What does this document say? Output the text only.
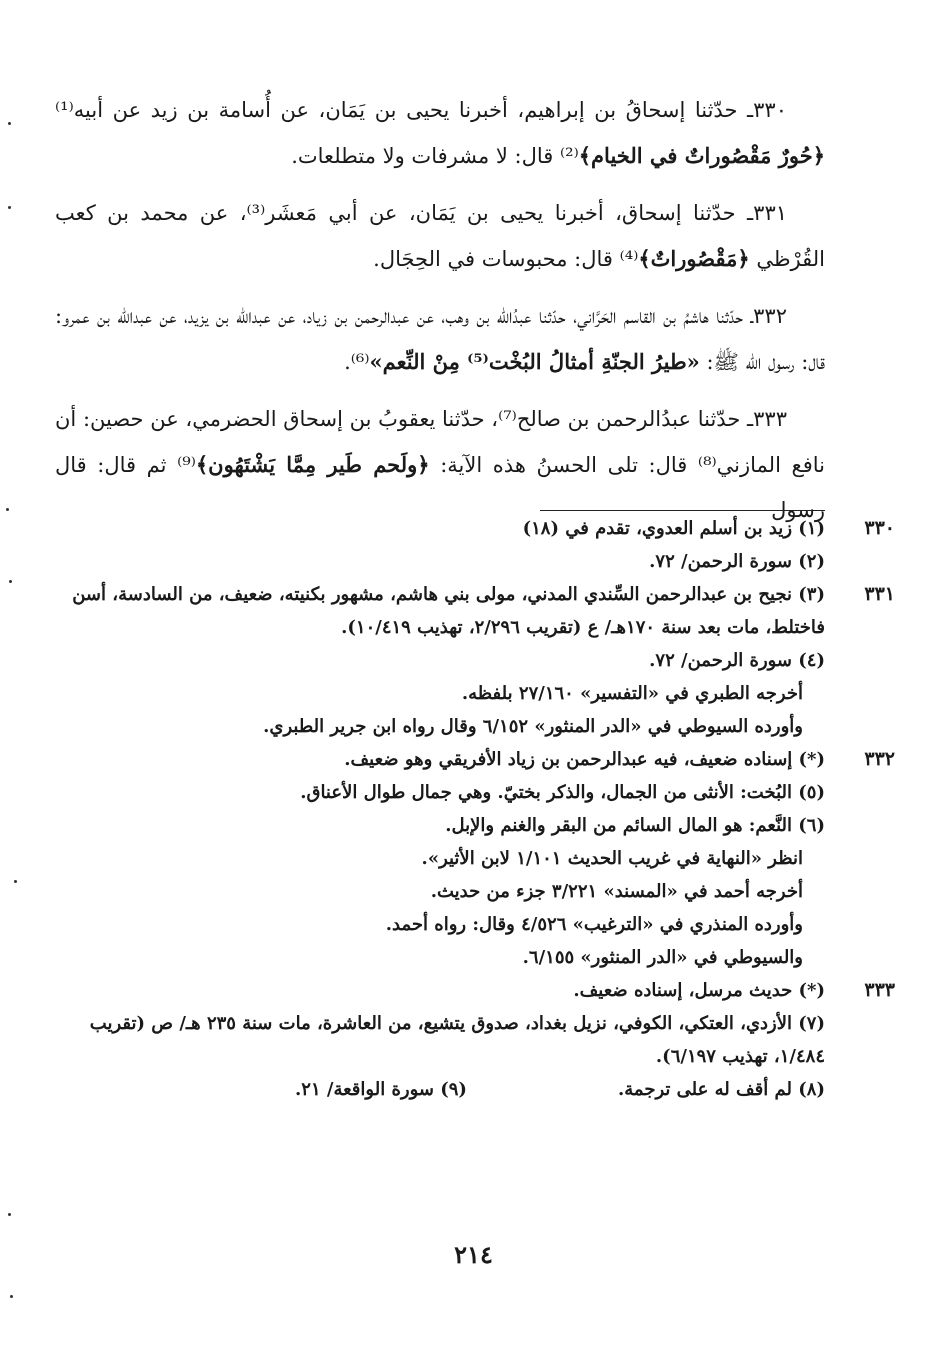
٣٣٠ـ حدّثنا إسحاقُ بن إبراهيم، أخبرنا يحيى بن يَمَان، عن أُسامة بن زيد عن أبيه⁽¹⁾ ﴿حُورٌ مَقْصُوراتٌ في الخيام﴾⁽²⁾ قال: لا مشرفات ولا متطلعات.

٣٣١ـ حدّثنا إسحاق، أخبرنا يحيى بن يَمَان، عن أبي مَعشَر⁽³⁾، عن محمد بن كعب القُرْظي ﴿مَقْصُوراتٌ﴾⁽⁴⁾ قال: محبوسات في الحِجَال.

٣٣٢ـ حدّثنا هاشمُ بن القاسم الحَرَّاني، حدّثنا عبدُالله بن وهب، عن عبدالرحمن بن زياد، عن عبدالله بن يزيد، عن عبدالله بن عمرو: قال: رسول الله ﷺ: «طيرُ الجنّةِ أمثالُ البُخْت⁽⁵⁾ مِنْ النِّعم»⁽⁶⁾.

٣٣٣ـ حدّثنا عبدُالرحمن بن صالح⁽⁷⁾، حدّثنا يعقوبُ بن إسحاق الحضرمي، عن حصين: أن نافع المازني⁽⁸⁾ قال: تلى الحسنُ هذه الآية: ﴿ولَحم طَير مِمَّا يَشْتَهُون﴾⁽⁹⁾ ثم قال: قال رسول

٣٣٠
(١) زيد بن أسلم العدوي، تقدم في (١٨)
(٢) سورة الرحمن/ ٧٢.
٣٣١
(٣) نجيح بن عبدالرحمن السِّندي المدني، مولى بني هاشم، مشهور بكنيته، ضعيف، من السادسة، أسن فاختلط، مات بعد سنة ١٧٠هـ/ ع (تقريب ٢/٢٩٦، تهذيب ١٠/٤١٩).
(٤) سورة الرحمن/ ٧٢.
أخرجه الطبري في «التفسير» ٢٧/١٦٠ بلفظه.
وأورده السيوطي في «الدر المنثور» ٦/١٥٢ وقال رواه ابن جرير الطبري.
٣٣٢
(*) إسناده ضعيف، فيه عبدالرحمن بن زياد الأفريقي وهو ضعيف.
(٥) البُخت: الأنثى من الجمال، والذكر بختيّ. وهي جمال طوال الأعناق.
(٦) النَّعم: هو المال السائم من البقر والغنم والإبل.
انظر «النهاية في غريب الحديث ١/١٠١ لابن الأثير».
أخرجه أحمد في «المسند» ٣/٢٢١ جزء من حديث.
وأورده المنذري في «الترغيب» ٤/٥٢٦ وقال: رواه أحمد.
والسيوطي في «الدر المنثور» ٦/١٥٥.
٣٣٣
(*) حديث مرسل، إسناده ضعيف.
(٧) الأزدي، العتكي، الكوفي، نزيل بغداد، صدوق يتشيع، من العاشرة، مات سنة ٢٣٥ هـ/ ص (تقريب ١/٤٨٤، تهذيب ٦/١٩٧).
(٨) لم أقف له على ترجمة.
(٩) سورة الواقعة/ ٢١.
٢١٤
